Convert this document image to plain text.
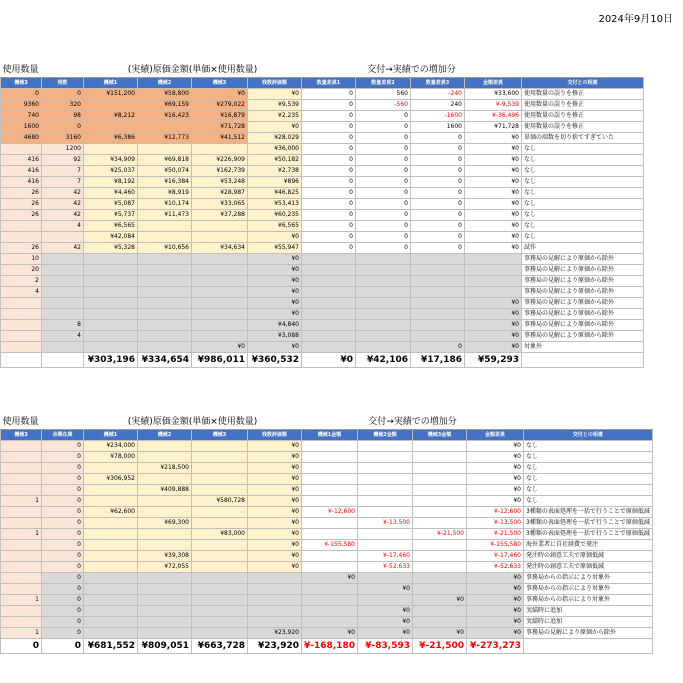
2024年9月10日
使用数量		(実績)原価金額(単価×使用数量)				交付→実績での増加分				
機械3	残数	機械1	機械2	機械3	残数評価額	数量差異1	数量差異2	数量差異3	金額差異	交付との相違
0	0	¥151,200	¥58,800	¥0	¥0	0	560	-240	¥33,600	使用数量の誤りを修正
9360	320		¥69,159	¥279,022	¥9,539	0	-560	240	¥-9,539	使用数量の誤りを修正
740	98	¥8,212	¥16,423	¥16,879	¥2,235	0	0	-1600	¥-36,496	使用数量の誤りを修正
1600	0			¥71,728	¥0	0	0	1600	¥71,728	使用数量の誤りを修正
4680	3160	¥6,386	¥12,773	¥41,512	¥28,029	0	0	0	¥0	単価の端数を切り捨てすぎていた
	1200				¥36,000	0	0	0	¥0	なし
416	92	¥34,909	¥69,818	¥226,909	¥50,182	0	0	0	¥0	なし
416	7	¥25,037	¥50,074	¥162,739	¥2,738	0	0	0	¥0	なし
416	7	¥8,192	¥16,384	¥53,248	¥896	0	0	0	¥0	なし
26	42	¥4,460	¥8,919	¥28,987	¥46,825	0	0	0	¥0	なし
26	42	¥5,087	¥10,174	¥33,065	¥53,413	0	0	0	¥0	なし
26	42	¥5,737	¥11,473	¥37,288	¥60,235	0	0	0	¥0	なし
	4	¥6,565			¥6,565	0	0	0	¥0	なし
		¥42,084			¥0	0	0	0	¥0	なし
26	42	¥5,328	¥10,656	¥34,634	¥55,947	0	0	0	¥0	試作
10					¥0					事務局の見解により原価から除外
20					¥0					事務局の見解により原価から除外
2					¥0					事務局の見解により原価から除外
4					¥0					事務局の見解により原価から除外
					¥0				¥0	事務局の見解により原価から除外
					¥0				¥0	事務局の見解により原価から除外
	8				¥4,840				¥0	事務局の見解により原価から除外
	4				¥3,088				¥0	事務局の見解により原価から除外
				¥0	¥0			0	¥0	対象外
		¥303,196	¥334,654	¥986,011	¥360,532	¥0	¥42,106	¥17,186	¥59,293	
使用数量		(実績)原価金額(単価×使用数量)				交付→実績での増加分				
機械3	余剰在庫	機械1	機械2	機械3	残数評価額	機械1金額	機械2金額	機械3金額	金額差異	交付との相違
	0	¥234,000			¥0				¥0	なし
	0	¥78,000			¥0				¥0	なし
	0		¥218,500		¥0				¥0	なし
	0	¥306,952			¥0				¥0	なし
	0		¥409,888		¥0				¥0	なし
1	0			¥580,728	¥0				¥0	なし
	0	¥62,600			¥0	¥-12,600			¥-12,600	3種類の表面処理を一括で行うことで原価低減
	0		¥69,300		¥0		¥-13,500		¥-13,500	3種類の表面処理を一括で行うことで原価低減
1	0			¥83,000	¥0			¥-21,500	¥-21,500	3種類の表面処理を一括で行うことで原価低減
	0				¥0	¥-155,580			¥-155,580	海外業者に自社経費で発注
	0		¥39,308		¥0		¥-17,460		¥-17,460	発注時の創意工夫で原価低減
	0		¥72,055		¥0		¥-52,633		¥-52,633	発注時の創意工夫で原価低減
	0					¥0			¥0	事務局からの指示により対象外
	0						¥0		¥0	事務局からの指示により対象外
1	0							¥0	¥0	事務局からの指示により対象外
	0						¥0		¥0	実績時に追加
	0						¥0		¥0	実績時に追加
1	0				¥23,920	¥0	¥0	¥0	¥0	事務局の見解により原価から除外
0	0	¥681,552	¥809,051	¥663,728	¥23,920	¥-168,180	¥-83,593	¥-21,500	¥-273,273	
